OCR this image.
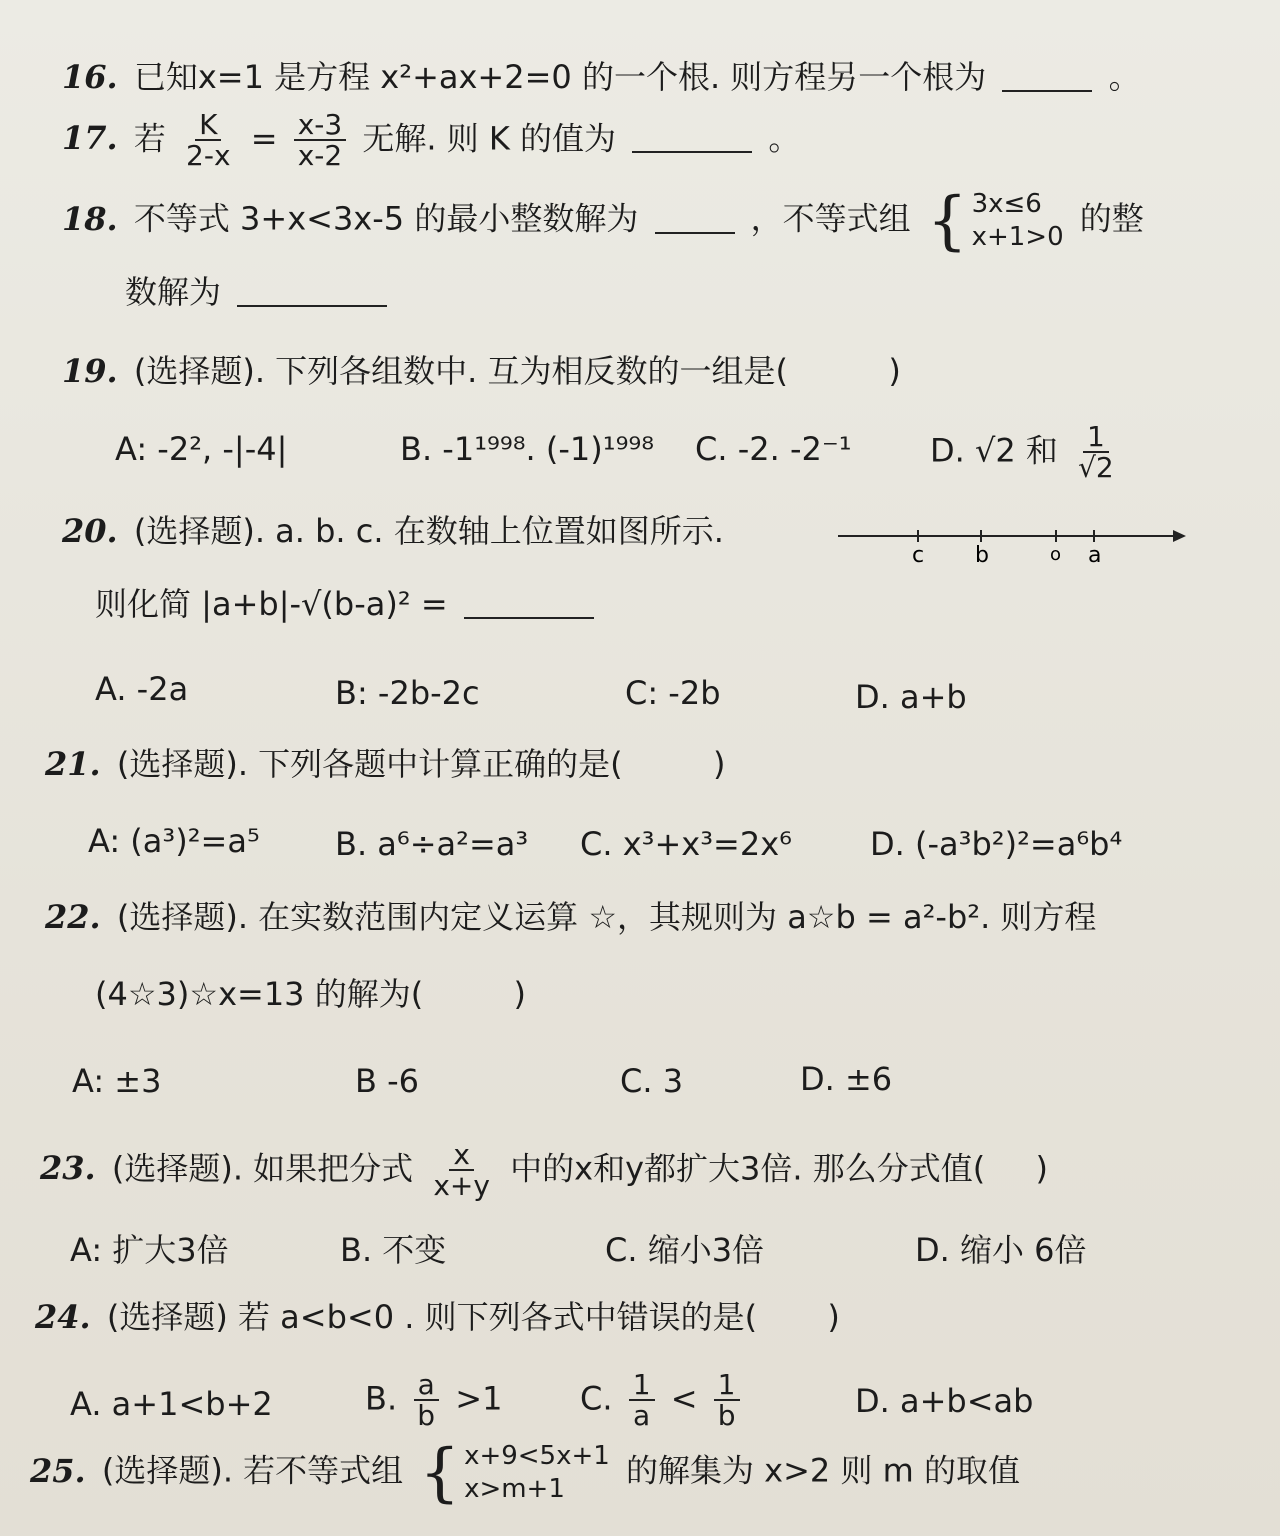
16. 已知x=1 是方程 x²+ax+2=0 的一个根. 则方程另一个根为	。
17. 若 $\frac{K}{2-x} = \frac{x-3}{x-2}$ 无解. 则 K 的值为	。
18. 不等式 3+x<3x-5 的最小整数解为	，不等式组 { 3x≤6
x+1>0 的整
数解为
19. (选择题). 下列各组数中. 互为相反数的一组是(	)
A: -2², -|-4|	B. -1¹⁹⁹⁸. (-1)¹⁹⁹⁸ C. -2. -2⁻¹ D. √2 和 $\frac{1}{√2}$
20. (选择题). a. b. c. 在数轴上位置如图所示.
c b	o a
则化简 |a+b|-√(b-a)² =
A. -2a	B: -2b-2c	C: -2b	D. a+b
21. (选择题). 下列各题中计算正确的是(	)
A: (a³)²=a⁵ B. a⁶÷a²=a³ C. x³+x³=2x⁶ D. (-a³b²)²=a⁶b⁴
22. (选择题). 在实数范围内定义运算 ☆，其规则为 a☆b = a²-b². 则方程
(4☆3)☆x=13 的解为(	)
A: ±3	B -6	C. 3	D. ±6
23. (选择题). 如果把分式 $\frac{x}{x+y}$ 中的x和y都扩大3倍. 那么分式值( )
A: 扩大3倍	B. 不变	C. 缩小3倍	D. 缩小 6倍
24. (选择题) 若 a<b<0 . 则下列各式中错误的是( )
A. a+1<b+2	B. $\frac{a}{b} >1$ C. $\frac{1}{a} < \frac{1}{b}$	D. a+b<ab
25. (选择题). 若不等式组 { x+9<5x+1
x>m+1	的解集为 x>2 则 m 的取值
